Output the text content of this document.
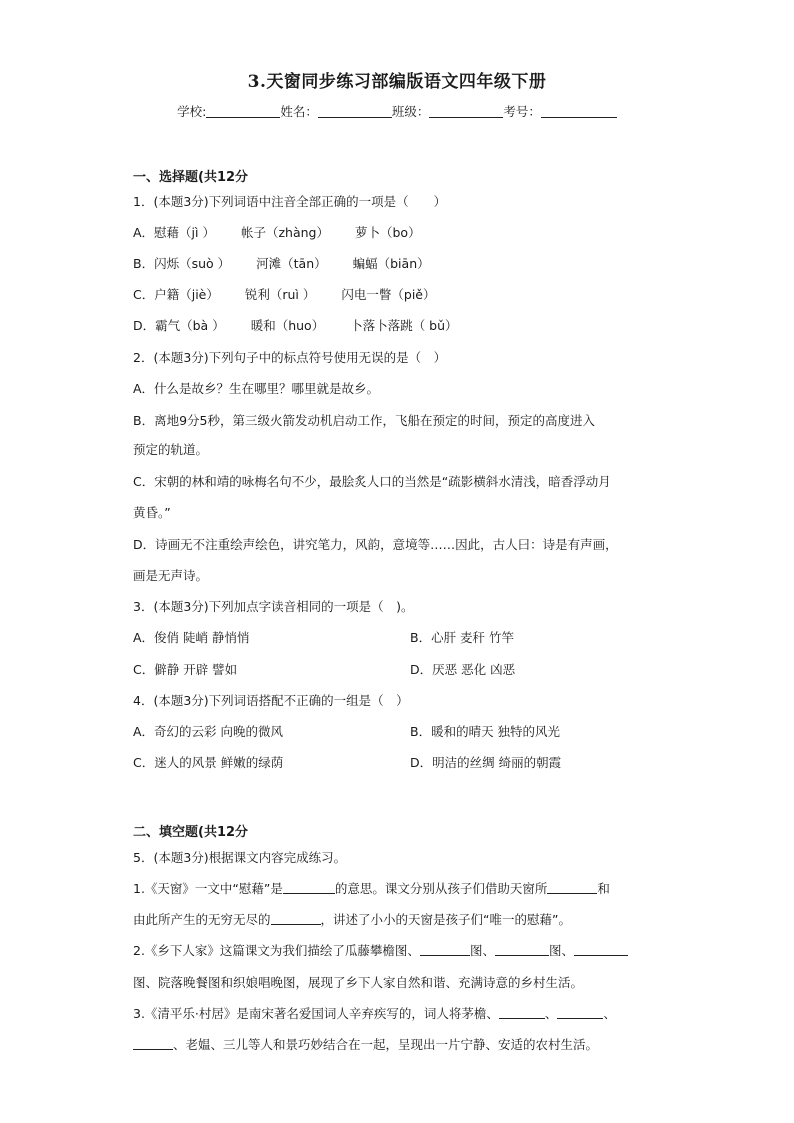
3.天窗同步练习部编版语文四年级下册
学校:	姓名：	班级：	考号：
一、选择题(共12分
1．(本题3分)下列词语中注音全部正确的一项是（　　）
A．慰藉（jì ） 帐子（zhàng） 萝卜（bo）
B．闪烁（suò ） 河滩（tān） 蝙蝠（biān）
C．户籍（jiè） 锐利（ruì ） 闪电一瞥（piě）
D．霸气（bà ） 暖和（huo） 卜落卜落跳（ bǔ）
2．(本题3分)下列句子中的标点符号使用无误的是（　）
A．什么是故乡？生在哪里？哪里就是故乡。
B．离地9分5秒，第三级火箭发动机启动工作，飞船在预定的时间，预定的高度进入
预定的轨道。
C．宋朝的林和靖的咏梅名句不少，最脍炙人口的当然是“疏影横斜水清浅，暗香浮动月
黄昏。”
D．诗画无不注重绘声绘色，讲究笔力，风韵，意境等……因此，古人曰：诗是有声画，
画是无声诗。
3．(本题3分)下列加点字读音相同的一项是（　)。
A．俊俏 陡峭 静悄悄	B．心肝 麦秆 竹竿
C．僻静 开辟 譬如	D．厌恶 恶化 凶恶
4．(本题3分)下列词语搭配不正确的一组是（　）
A．奇幻的云彩 向晚的微风	B．暖和的晴天 独特的风光
C．迷人的风景 鲜嫩的绿荫	D．明洁的丝绸 绮丽的朝霞
二、填空题(共12分
5．(本题3分)根据课文内容完成练习。
1.《天窗》一文中“慰藉”是	的意思。课文分别从孩子们借助天窗所	和
由此所产生的无穷无尽的	，讲述了小小的天窗是孩子们“唯一的慰藉”。
2.《乡下人家》这篇课文为我们描绘了瓜藤攀檐图、	图、	图、
图、院落晚餐图和织娘唱晚图，展现了乡下人家自然和谐、充满诗意的乡村生活。
3.《清平乐·村居》是南宋著名爱国词人辛弃疾写的，词人将茅檐、	、	、
、老媪、三儿等人和景巧妙结合在一起，呈现出一片宁静、安适的农村生活。
